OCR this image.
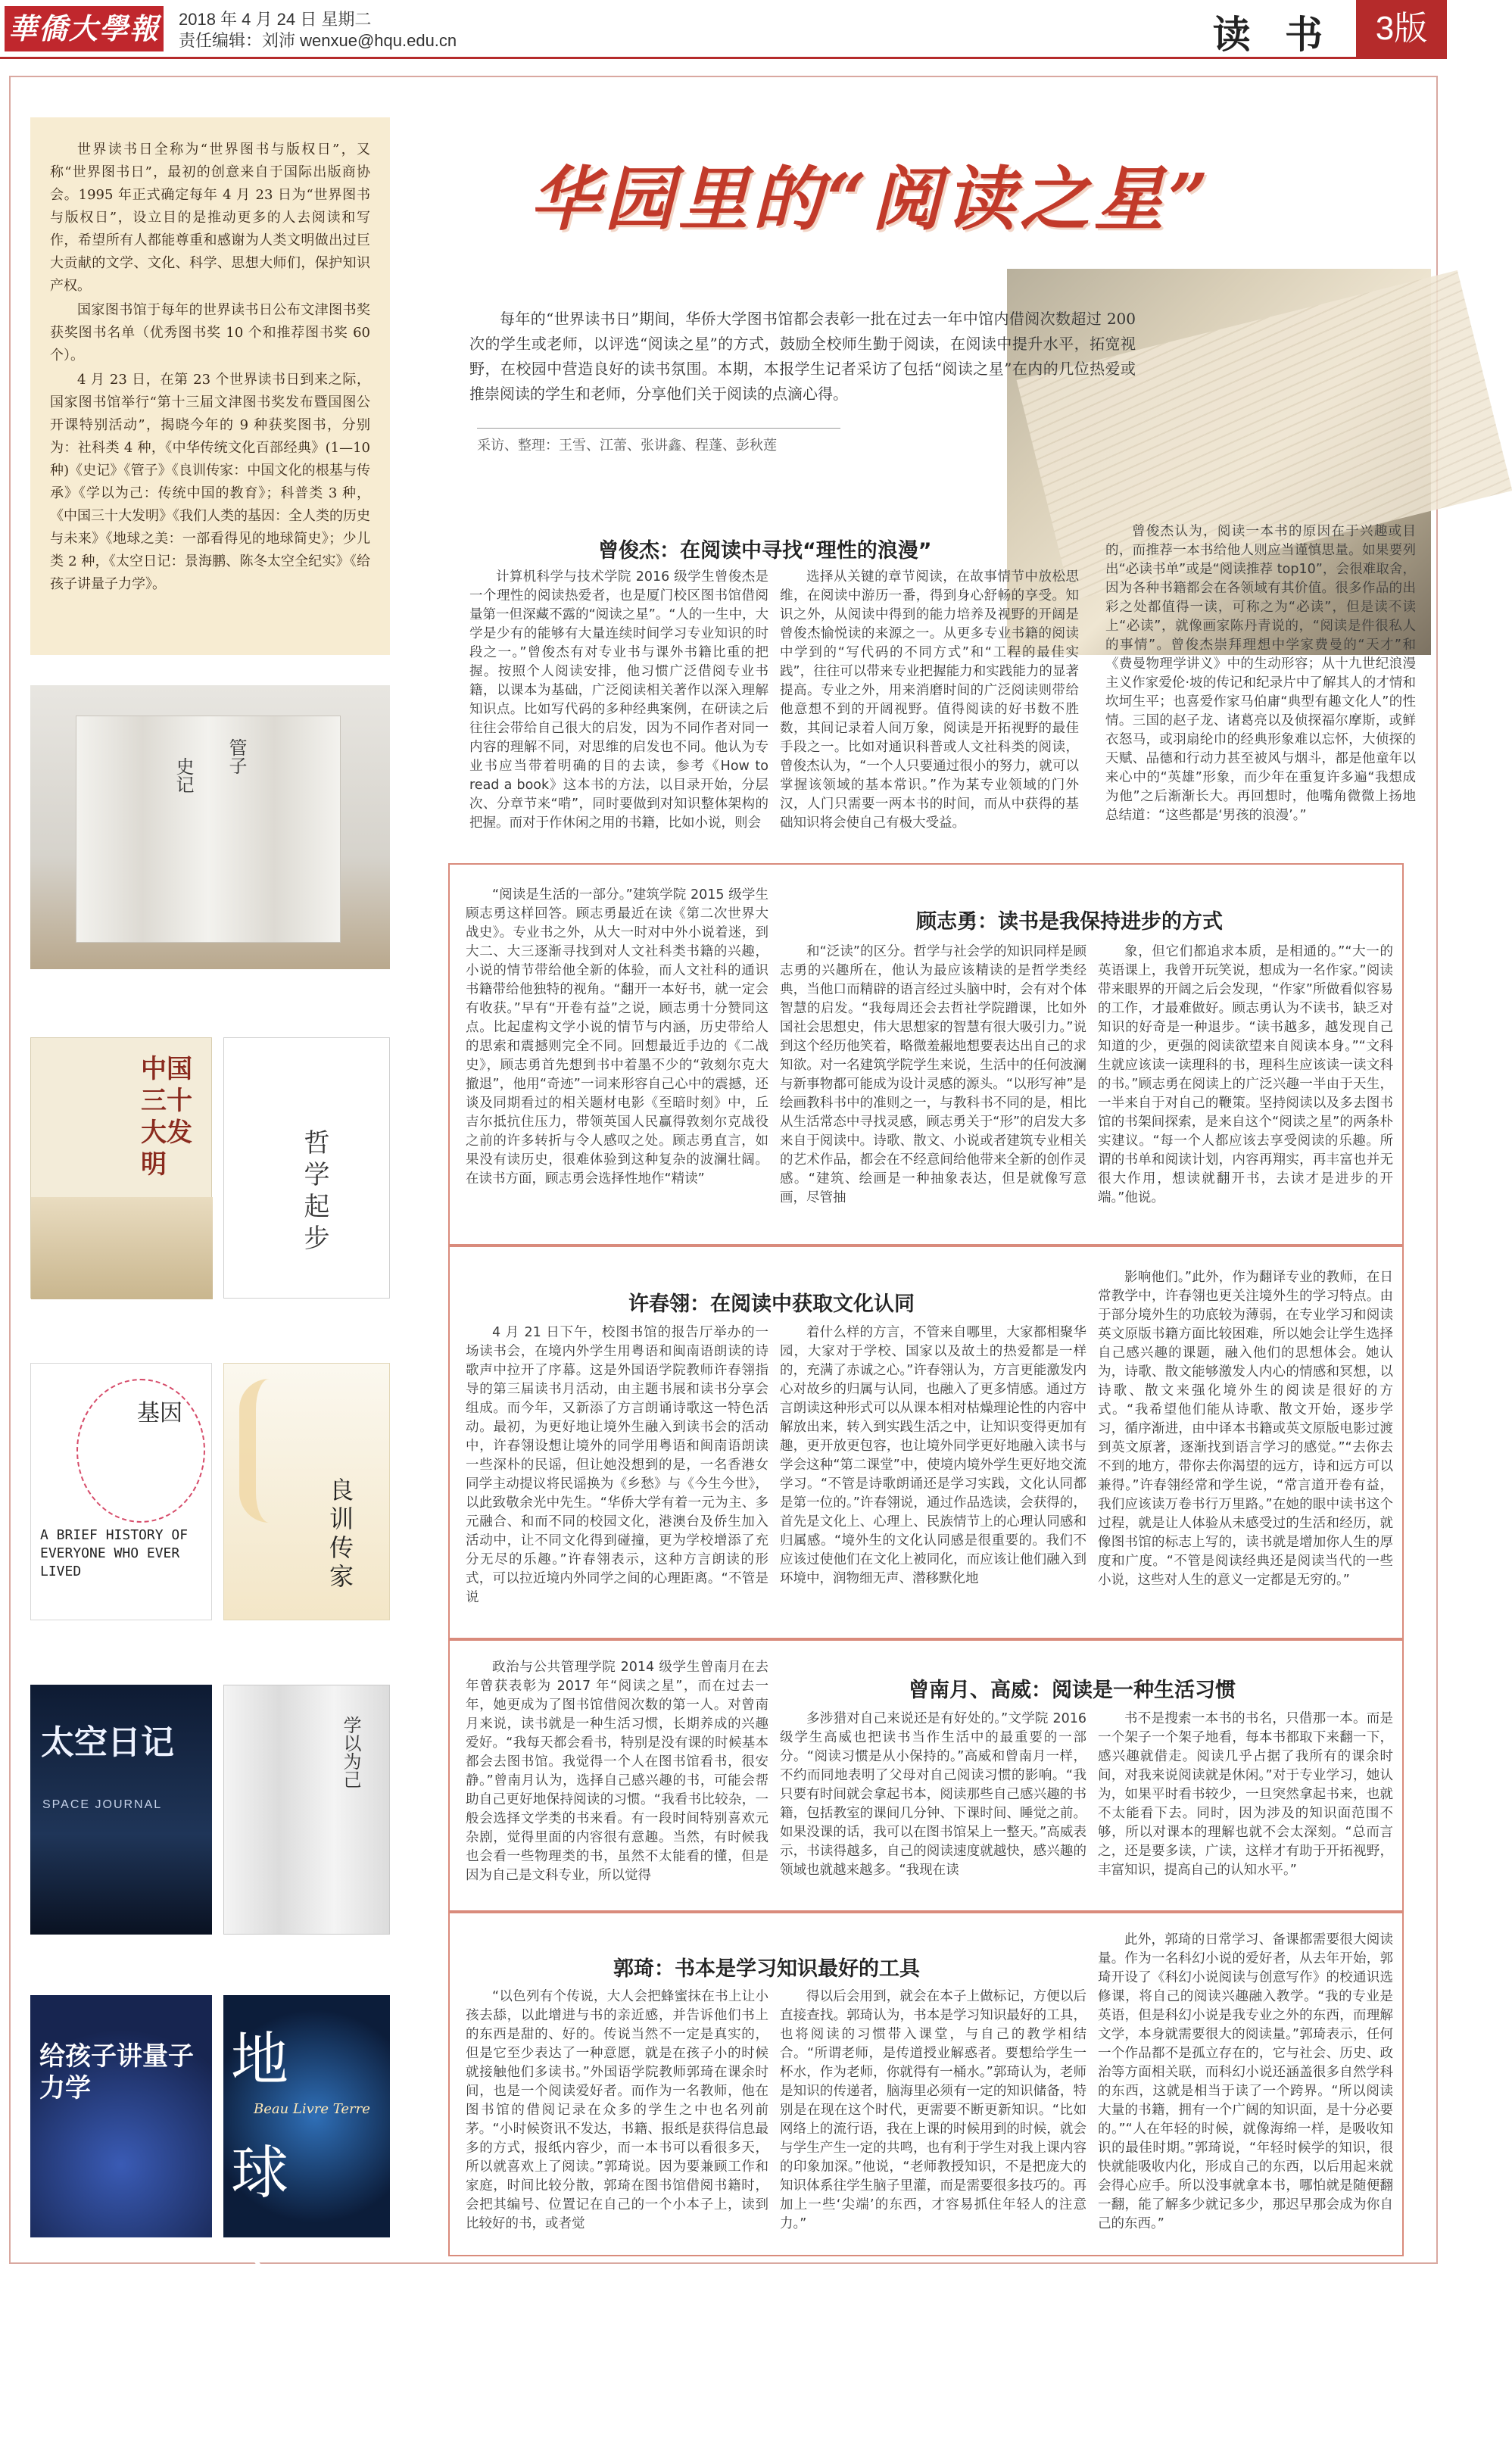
華僑大學報 2018 年 4 月 24 日 星期二
责任编辑：刘沛 wenxue@hqu.edu.cn	读 书	3版

世界读书日全称为“世界图书与版权日”，又称“世界图书日”，最初的创意来自于国际出版商协会。1995 年正式确定每年 4 月 23 日为“世界图书与版权日”，设立目的是推动更多的人去阅读和写作，希望所有人都能尊重和感谢为人类文明做出过巨大贡献的文学、文化、科学、思想大师们，保护知识产权。

国家图书馆于每年的世界读书日公布文津图书奖获奖图书名单（优秀图书奖 10 个和推荐图书奖 60 个）。

4 月 23 日，在第 23 个世界读书日到来之际，国家图书馆举行“第十三届文津图书奖发布暨国图公开课特别活动”，揭晓今年的 9 种获奖图书，分别为：社科类 4 种，《中华传统文化百部经典》(1—10 种)《史记》《管子》《良训传家：中国文化的根基与传承》《学以为己：传统中国的教育》；科普类 3 种，《中国三十大发明》《我们人类的基因：全人类的历史与未来》《地球之美：一部看得见的地球简史》；少儿类 2 种，《太空日记：景海鹏、陈冬太空全纪实》《给孩子讲量子力学》。

史记
管子
中国三十大发明	哲学起步
基因
A BRIEF HISTORY OF EVERYONE WHO EVER LIVED	良训传家
太空日记
SPACE JOURNAL
学以为己
给孩子讲量子力学	地球之美
Beau Livre Terre
华园里的“阅读之星”
每年的“世界读书日”期间，华侨大学图书馆都会表彰一批在过去一年中馆内借阅次数超过 200 次的学生或老师，以评选“阅读之星”的方式，鼓励全校师生勤于阅读，在阅读中提升水平，拓宽视野，在校园中营造良好的读书氛围。本期，本报学生记者采访了包括“阅读之星”在内的几位热爱或推崇阅读的学生和老师，分享他们关于阅读的点滴心得。
采访、整理：王雪、江蕾、张讲鑫、程蓬、彭秋莲
曾俊杰：在阅读中寻找“理性的浪漫”

计算机科学与技术学院 2016 级学生曾俊杰是一个理性的阅读热爱者，也是厦门校区图书馆借阅量第一但深藏不露的“阅读之星”。“人的一生中，大学是少有的能够有大量连续时间学习专业知识的时段之一。”曾俊杰有对专业书与课外书籍比重的把握。按照个人阅读安排，他习惯广泛借阅专业书籍，以课本为基础，广泛阅读相关著作以深入理解知识点。比如写代码的多种经典案例，在研读之后往往会带给自己很大的启发，因为不同作者对同一内容的理解不同，对思维的启发也不同。他认为专业书应当带着明确的目的去读，参考《How to read a book》这本书的方法，以目录开始，分层次、分章节来“啃”，同时要做到对知识整体架构的把握。而对于作休闲之用的书籍，比如小说，则会

选择从关键的章节阅读，在故事情节中放松思维，在阅读中游历一番，得到身心舒畅的享受。知识之外，从阅读中得到的能力培养及视野的开阔是曾俊杰愉悦读的来源之一。从更多专业书籍的阅读中学到的“写代码的不同方式”和“工程的最佳实践”，往往可以带来专业把握能力和实践能力的显著提高。专业之外，用来消磨时间的广泛阅读则带给他意想不到的开阔视野。值得阅读的好书数不胜数，其间记录着人间万象，阅读是开拓视野的最佳手段之一。比如对通识科普或人文社科类的阅读，曾俊杰认为，“一个人只要通过很小的努力，就可以掌握该领域的基本常识。”作为某专业领域的门外汉，人门只需要一两本书的时间，而从中获得的基础知识将会使自己有极大受益。

曾俊杰认为，阅读一本书的原因在于兴趣或目的，而推荐一本书给他人则应当谨慎思量。如果要列出“必读书单”或是“阅读推荐 top10”，会很难取舍，因为各种书籍都会在各领域有其价值。很多作品的出彩之处都值得一读，可称之为“必读”，但是读不读上“必读”，就像画家陈丹青说的，“阅读是件很私人的事情”。曾俊杰崇拜理想中学家费曼的“天才”和《费曼物理学讲义》中的生动形容；从十九世纪浪漫主义作家爱伦·坡的传记和纪录片中了解其人的才情和坎坷生平；也喜爱作家马伯庸“典型有趣文化人”的性情。三国的赵子龙、诸葛亮以及侦探福尔摩斯，或鲜衣怒马，或羽扇纶巾的经典形象难以忘怀，大侦探的天赋、品德和行动力甚至被风与烟斗，都是他童年以来心中的“英雄”形象，而少年在重复许多遍“我想成为他”之后渐渐长大。再回想时，他嘴角微微上扬地总结道：“这些都是‘男孩的浪漫’。”

顾志勇：读书是我保持进步的方式

“阅读是生活的一部分。”建筑学院 2015 级学生顾志勇这样回答。顾志勇最近在读《第二次世界大战史》。专业书之外，从大一时对中外小说着迷，到大二、大三逐渐寻找到对人文社科类书籍的兴趣，小说的情节带给他全新的体验，而人文社科的通识书籍带给他独特的视角。“翻开一本好书，就一定会有收获。”早有“开卷有益”之说，顾志勇十分赞同这点。比起虚构文学小说的情节与内涵，历史带给人的思索和震撼则完全不同。回想最近手边的《二战史》，顾志勇首先想到书中着墨不少的“敦刻尔克大撤退”，他用“奇迹”一词来形容自己心中的震撼，还谈及同期看过的相关题材电影《至暗时刻》中，丘吉尔抵抗住压力，带领英国人民赢得敦刻尔克战役之前的许多转折与令人感叹之处。顾志勇直言，如果没有读历史，很难体验到这种复杂的波澜壮阔。在读书方面，顾志勇会选择性地作“精读”

和“泛读”的区分。哲学与社会学的知识同样是顾志勇的兴趣所在，他认为最应该精读的是哲学类经典，当他口而精辟的语言经过头脑中时，会有对个体智慧的启发。“我每周还会去哲社学院蹭课，比如外国社会思想史，伟大思想家的智慧有很大吸引力。”说到这个经历他笑着，略微羞赧地想要表达出自己的求知欲。对一名建筑学院学生来说，生活中的任何波澜与新事物都可能成为设计灵感的源头。“以形写神”是绘画教科书中的准则之一，与教科书不同的是，相比从生活常态中寻找灵感，顾志勇关于“形”的启发大多来自于阅读中。诗歌、散文、小说或者建筑专业相关的艺术作品，都会在不经意间给他带来全新的创作灵感。“建筑、绘画是一种抽象表达，但是就像写意画，尽管抽

象，但它们都追求本质，是相通的。”“大一的英语课上，我曾开玩笑说，想成为一名作家。”阅读带来眼界的开阔之后会发现，“作家”所做看似容易的工作，才最难做好。顾志勇认为不读书，缺乏对知识的好奇是一种退步。“读书越多，越发现自己知道的少，更强的阅读欲望来自阅读本身。”“文科生就应该读一读理科的书，理科生应该读一读文科的书。”顾志勇在阅读上的广泛兴趣一半由于天生，一半来自于对自己的鞭策。坚持阅读以及多去图书馆的书架间探索，是来自这个“阅读之星”的两条朴实建议。“每一个人都应该去享受阅读的乐趣。所谓的书单和阅读计划，内容再翔实，再丰富也并无很大作用，想读就翻开书，去读才是进步的开端。”他说。

许春翎：在阅读中获取文化认同

4 月 21 日下午，校图书馆的报告厅举办的一场读书会，在境内外学生用粤语和闽南语朗读的诗歌声中拉开了序幕。这是外国语学院教师许春翎指导的第三届读书月活动，由主题书展和读书分享会组成。而今年，又新添了方言朗诵诗歌这一特色活动。最初，为更好地让境外生融入到读书会的活动中，许春翎设想让境外的同学用粤语和闽南语朗读一些深朴的民谣，但让她没想到的是，一名香港女同学主动提议将民谣换为《乡愁》与《今生今世》，以此致敬余光中先生。“华侨大学有着一元为主、多元融合、和而不同的校园文化，港澳台及侨生加入活动中，让不同文化得到碰撞，更为学校增添了充分无尽的乐趣。”许春翎表示，这种方言朗读的形式，可以拉近境内外同学之间的心理距离。“不管是说

着什么样的方言，不管来自哪里，大家都相聚华园，大家对于学校、国家以及故土的热爱都是一样的，充满了赤诚之心。”许春翎认为，方言更能激发内心对故乡的归属与认同，也融入了更多情感。通过方言朗读这种形式可以从课本相对枯燥理论性的内容中解放出来，转入到实践生活之中，让知识变得更加有趣，更开放更包容，也让境外同学更好地融入读书与学会这种“第二课堂”中，使境内境外学生更好地交流学习。“不管是诗歌朗诵还是学习实践，文化认同都是第一位的。”许春翎说，通过作品选读，会获得的，首先是文化上、心理上、民族情节上的心理认同感和归属感。“境外生的文化认同感是很重要的。我们不应该过使他们在文化上被同化，而应该让他们融入到环境中，润物细无声、潜移默化地

影响他们。”此外，作为翻译专业的教师，在日常教学中，许春翎也更关注境外生的学习特点。由于部分境外生的功底较为薄弱，在专业学习和阅读英文原版书籍方面比较困难，所以她会让学生选择自己感兴趣的课题，融入他们的思想体会。她认为，诗歌、散文能够激发人内心的情感和冥想，以诗歌、散文来强化境外生的阅读是很好的方式。“我希望他们能从诗歌、散文开始，逐步学习，循序渐进，由中译本书籍或英文原版电影过渡到英文原著，逐渐找到语言学习的感觉。”“去你去不到的地方，带你去你渴望的远方，诗和远方可以兼得。”许春翎经常和学生说，“常言道开卷有益，我们应该读万卷书行万里路。”在她的眼中读书这个过程，就是让人体验从未感受过的生活和经历，就像图书馆的标志上写的，读书就是增加你人生的厚度和广度。“不管是阅读经典还是阅读当代的一些小说，这些对人生的意义一定都是无穷的。”

曾南月、高威：阅读是一种生活习惯

政治与公共管理学院 2014 级学生曾南月在去年曾获表彰为 2017 年“阅读之星”，而在过去一年，她更成为了图书馆借阅次数的第一人。对曾南月来说，读书就是一种生活习惯，长期养成的兴趣爱好。“我每天都会看书，特别是没有课的时候基本都会去图书馆。我觉得一个人在图书馆看书，很安静。”曾南月认为，选择自己感兴趣的书，可能会帮助自己更好地保持阅读的习惯。“我看书比较杂，一般会选择文学类的书来看。有一段时间特别喜欢元杂剧，觉得里面的内容很有意趣。当然，有时候我也会看一些物理类的书，虽然不太能看的懂，但是因为自己是文科专业，所以觉得

多涉猎对自己来说还是有好处的。”文学院 2016 级学生高威也把读书当作生活中的最重要的一部分。“阅读习惯是从小保持的。”高威和曾南月一样，不约而同地表明了父母对自己阅读习惯的影响。“我只要有时间就会拿起书本，阅读那些自己感兴趣的书籍，包括教室的课间几分钟、下课时间、睡觉之前。如果没课的话，我可以在图书馆呆上一整天。”高威表示，书读得越多，自己的阅读速度就越快，感兴趣的领域也就越来越多。“我现在读

书不是搜索一本书的书名，只借那一本。而是一个架子一个架子地看，每本书都取下来翻一下，感兴趣就借走。阅读几乎占据了我所有的课余时间，对我来说阅读就是休闲。”对于专业学习，她认为，如果平时看书较少，一旦突然拿起书来，也就不太能看下去。同时，因为涉及的知识面范围不够，所以对课本的理解也就不会太深刻。“总而言之，还是要多读，广读，这样才有助于开拓视野，丰富知识，提高自己的认知水平。”

郭琦：书本是学习知识最好的工具

“以色列有个传说，大人会把蜂蜜抹在书上让小孩去舔，以此增进与书的亲近感，并告诉他们书上的东西是甜的、好的。传说当然不一定是真实的，但是它至少表达了一种意愿，就是在孩子小的时候就接触他们多读书。”外国语学院教师郭琦在课余时间，也是一个阅读爱好者。而作为一名教师，他在图书馆的借阅记录在众多的学生之中也名列前茅。“小时候资讯不发达，书籍、报纸是获得信息最多的方式，报纸内容少，而一本书可以看很多天，所以就喜欢上了阅读。”郭琦说。因为要兼顾工作和家庭，时间比较分散，郭琦在图书馆借阅书籍时，会把其编号、位置记在自己的一个小本子上，读到比较好的书，或者觉

得以后会用到，就会在本子上做标记，方便以后直接查找。郭琦认为，书本是学习知识最好的工具，也将阅读的习惯带入课堂，与自己的教学相结合。“所谓老师，是传道授业解惑者。要想给学生一杯水，作为老师，你就得有一桶水。”郭琦认为，老师是知识的传递者，脑海里必须有一定的知识储备，特别是在现在这个时代，更需要不断更新知识。“比如网络上的流行语，我在上课的时候用到的时候，就会与学生产生一定的共鸣，也有利于学生对我上课内容的印象加深。”他说，“老师教授知识，不是把庞大的知识体系往学生脑子里灌，而是需要很多技巧的。再加上一些‘尖端’的东西，才容易抓住年轻人的注意力。”

此外，郭琦的日常学习、备课都需要很大阅读量。作为一名科幻小说的爱好者，从去年开始，郭琦开设了《科幻小说阅读与创意写作》的校通识选修课，将自己的阅读兴趣融入教学。“我的专业是英语，但是科幻小说是我专业之外的东西，而理解文学，本身就需要很大的阅读量。”郭琦表示，任何一个作品都不是孤立存在的，它与社会、历史、政治等方面相关联，而科幻小说还涵盖很多自然学科的东西，这就是相当于读了一个跨界。“所以阅读大量的书籍，拥有一个广阔的知识面，是十分必要的。”“人在年轻的时候，就像海绵一样，是吸收知识的最佳时期。”郭琦说，“年轻时候学的知识，很快就能吸收内化，形成自己的东西，以后用起来就会得心应手。所以没事就拿本书，哪怕就是随便翻一翻，能了解多少就记多少，那迟早那会成为你自己的东西。”
